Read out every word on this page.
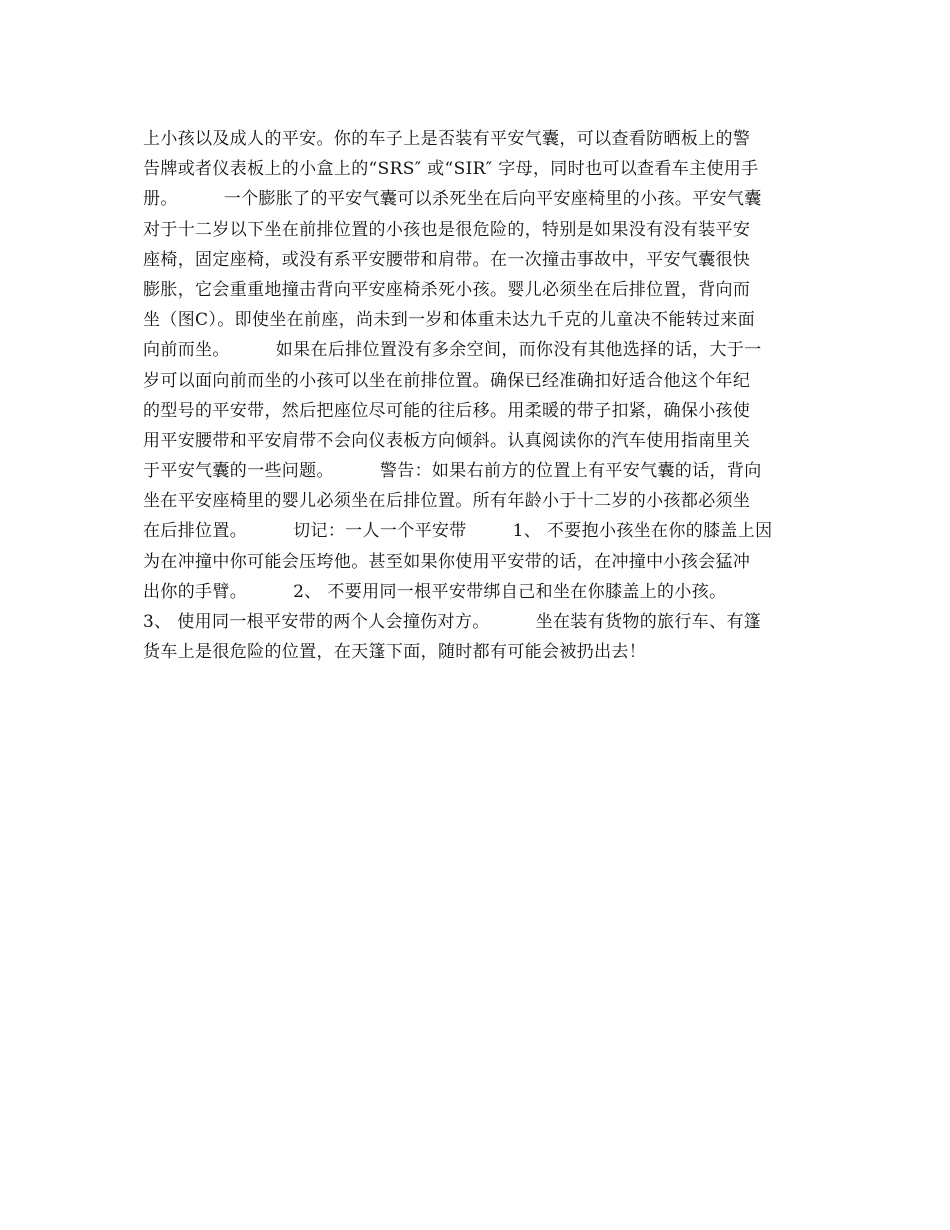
上小孩以及成人的平安。你的车子上是否装有平安气囊，可以查看防晒板上的警
告牌或者仪表板上的小盒上的“SRS″ 或“SIR″ 字母，同时也可以查看车主使用手
册。        一个膨胀了的平安气囊可以杀死坐在后向平安座椅里的小孩。平安气囊
对于十二岁以下坐在前排位置的小孩也是很危险的，特别是如果没有没有装平安
座椅，固定座椅，或没有系平安腰带和肩带。在一次撞击事故中，平安气囊很快
膨胀，它会重重地撞击背向平安座椅杀死小孩。婴儿必须坐在后排位置，背向而
坐（图C）。即使坐在前座，尚未到一岁和体重未达九千克的儿童决不能转过来面
向前而坐。        如果在后排位置没有多余空间，而你没有其他选择的话，大于一
岁可以面向前而坐的小孩可以坐在前排位置。确保已经准确扣好适合他这个年纪
的型号的平安带，然后把座位尽可能的往后移。用柔暖的带子扣紧，确保小孩使
用平安腰带和平安肩带不会向仪表板方向倾斜。认真阅读你的汽车使用指南里关
于平安气囊的一些问题。        警告：如果右前方的位置上有平安气囊的话，背向
坐在平安座椅里的婴儿必须坐在后排位置。所有年龄小于十二岁的小孩都必须坐
在后排位置。        切记：一人一个平安带        1、 不要抱小孩坐在你的膝盖上因
为在冲撞中你可能会压垮他。甚至如果你使用平安带的话，在冲撞中小孩会猛冲
出你的手臂。        2、 不要用同一根平安带绑自己和坐在你膝盖上的小孩。
3、 使用同一根平安带的两个人会撞伤对方。        坐在装有货物的旅行车、有篷
货车上是很危险的位置，在天篷下面，随时都有可能会被扔出去！
